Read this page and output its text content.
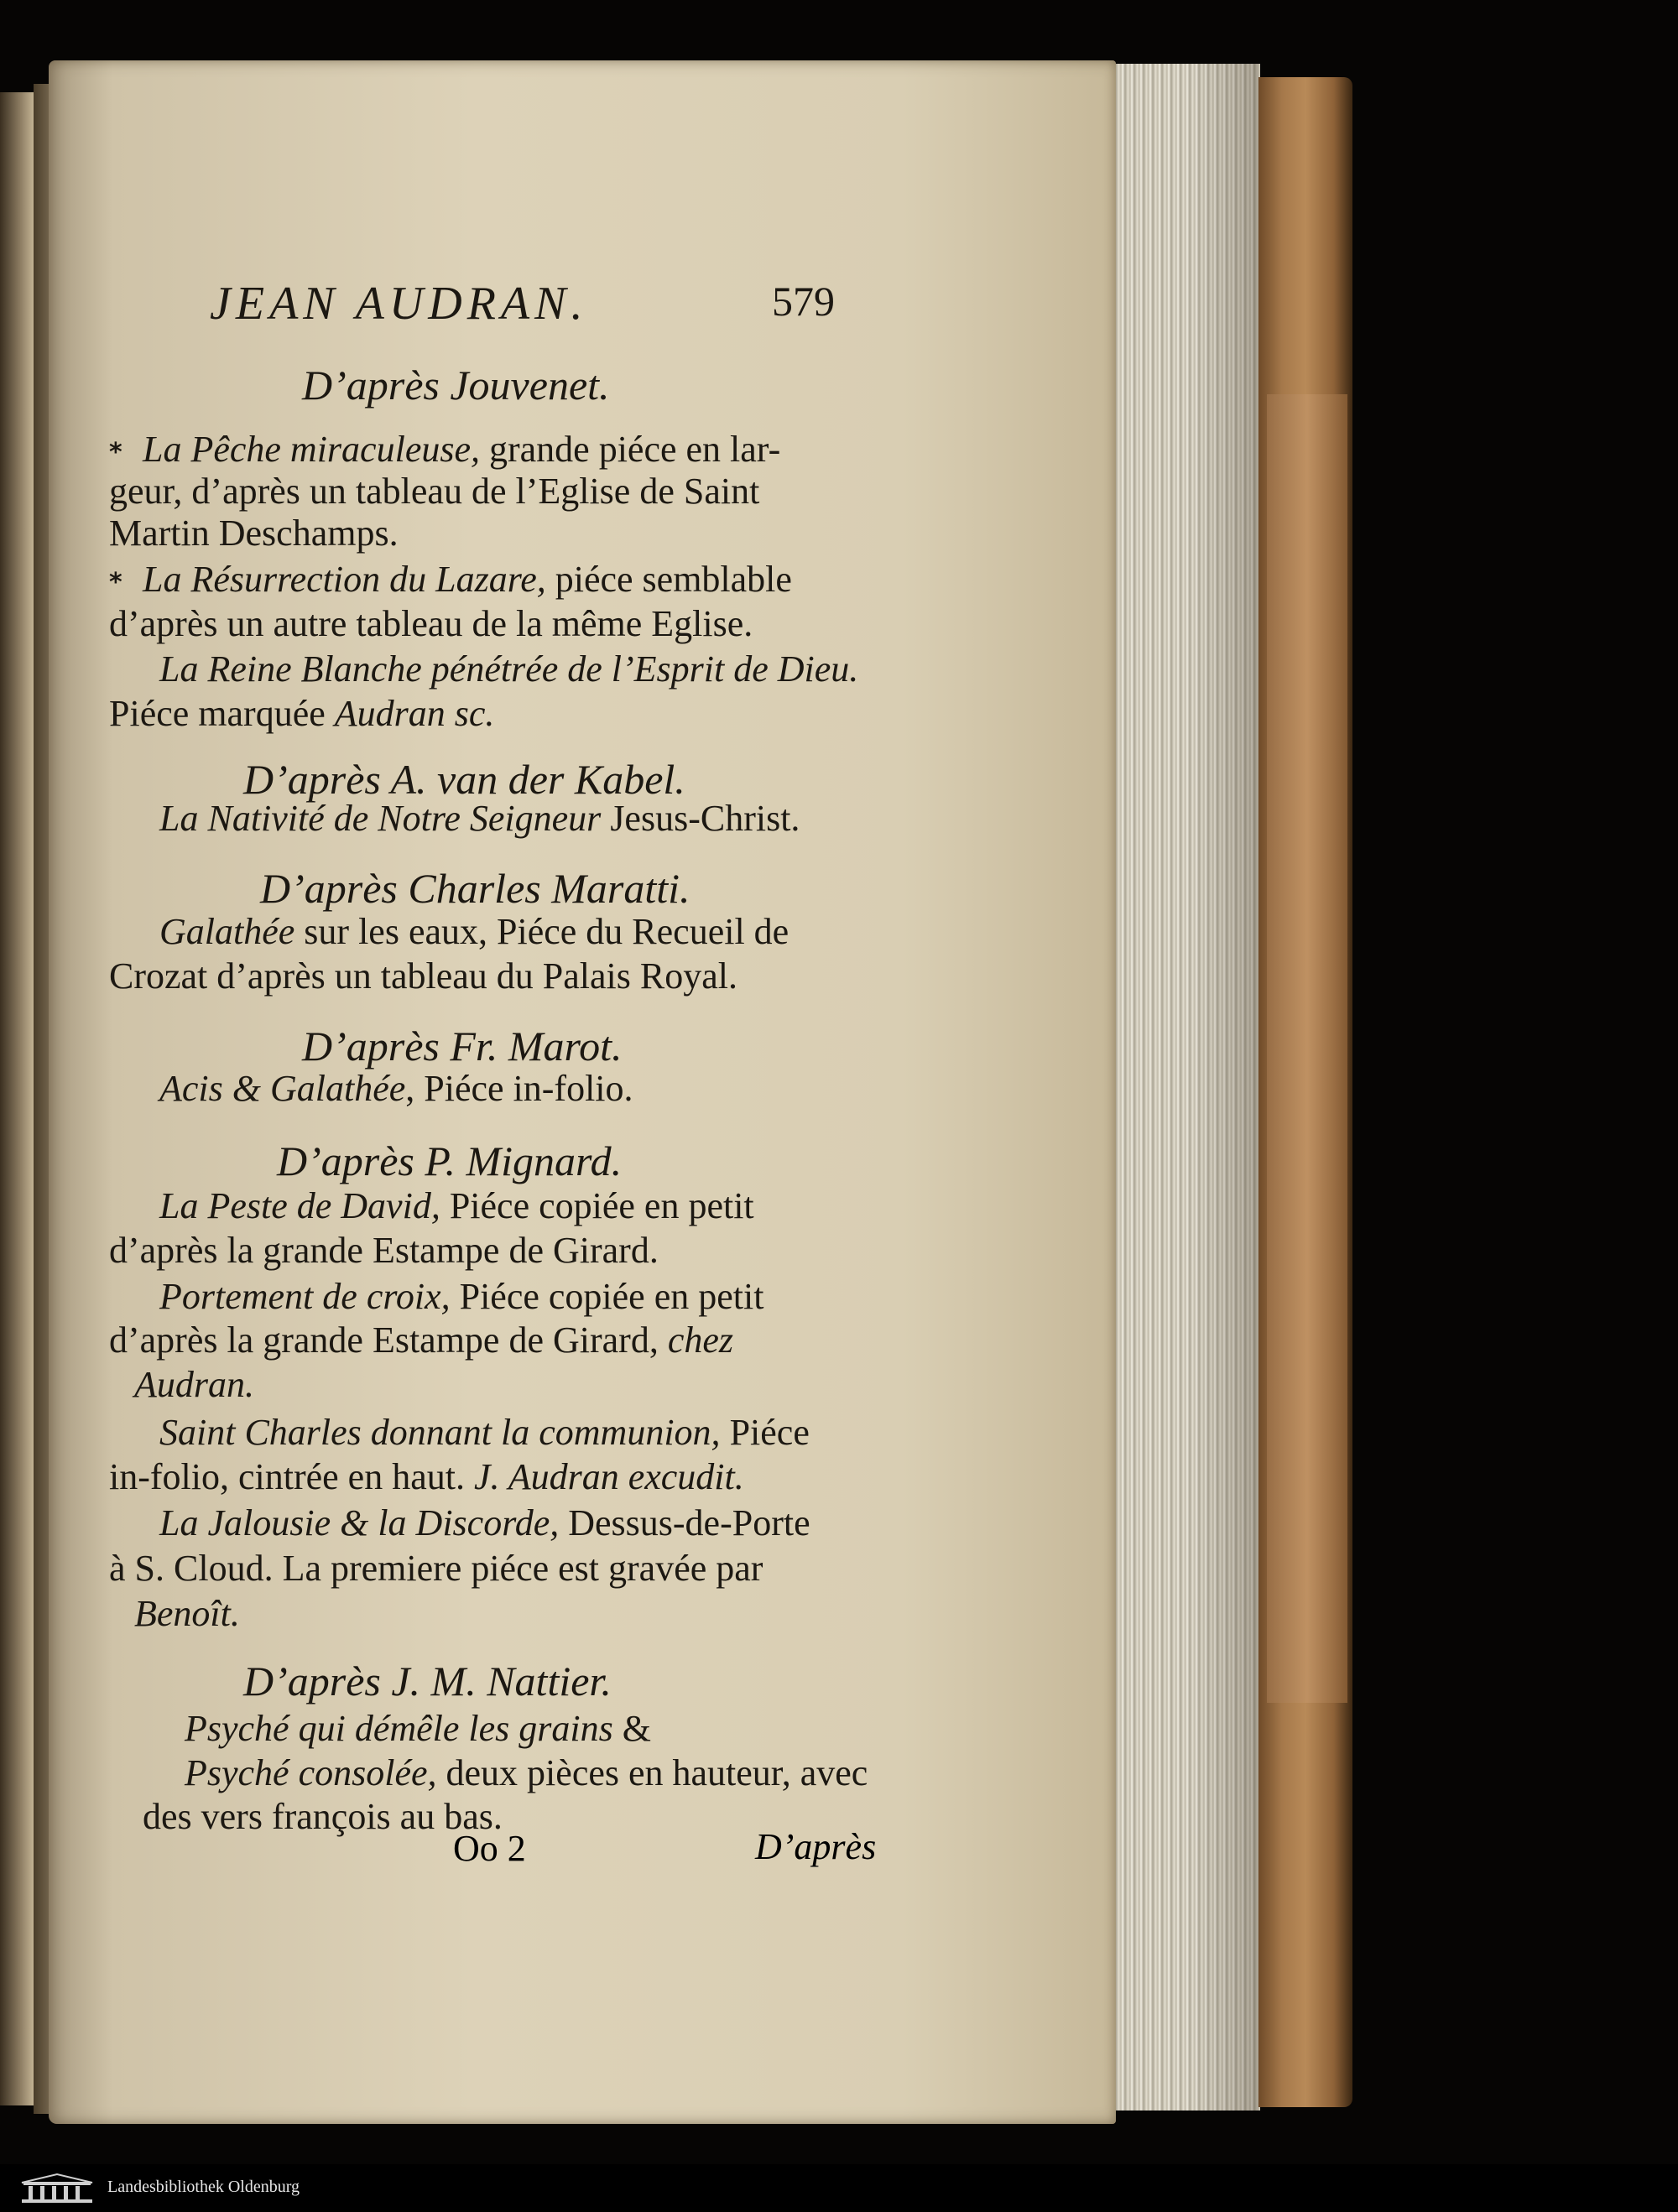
JEAN AUDRAN.	579
D’après Jouvenet.
* La Pêche miraculeuse, grande piéce en lar-
geur, d’après un tableau de l’Eglise de Saint
Martin Deschamps.
* La Résurrection du Lazare, piéce semblable
d’après un autre tableau de la même Eglise.
La Reine Blanche pénétrée de l’Esprit de Dieu.
Piéce marquée Audran sc.
D’après A. van der Kabel.
La Nativité de Notre Seigneur Jesus-Christ.
D’après Charles Maratti.
Galathée sur les eaux, Piéce du Recueil de
Crozat d’après un tableau du Palais Royal.
D’après Fr. Marot.
Acis & Galathée, Piéce in-folio.
D’après P. Mignard.
La Peste de David, Piéce copiée en petit
d’après la grande Estampe de Girard.
Portement de croix, Piéce copiée en petit
d’après la grande Estampe de Girard, chez
Audran.
Saint Charles donnant la communion, Piéce
in-folio, cintrée en haut. J. Audran excudit.
La Jalousie & la Discorde, Dessus-de-Porte
à S. Cloud. La premiere piéce est gravée par
Benoît.
D’après J. M. Nattier.
Psyché qui démêle les grains &
Psyché consolée, deux pièces en hauteur, avec
des vers françois au bas.
Oo 2	D’après
Landesbibliothek Oldenburg
